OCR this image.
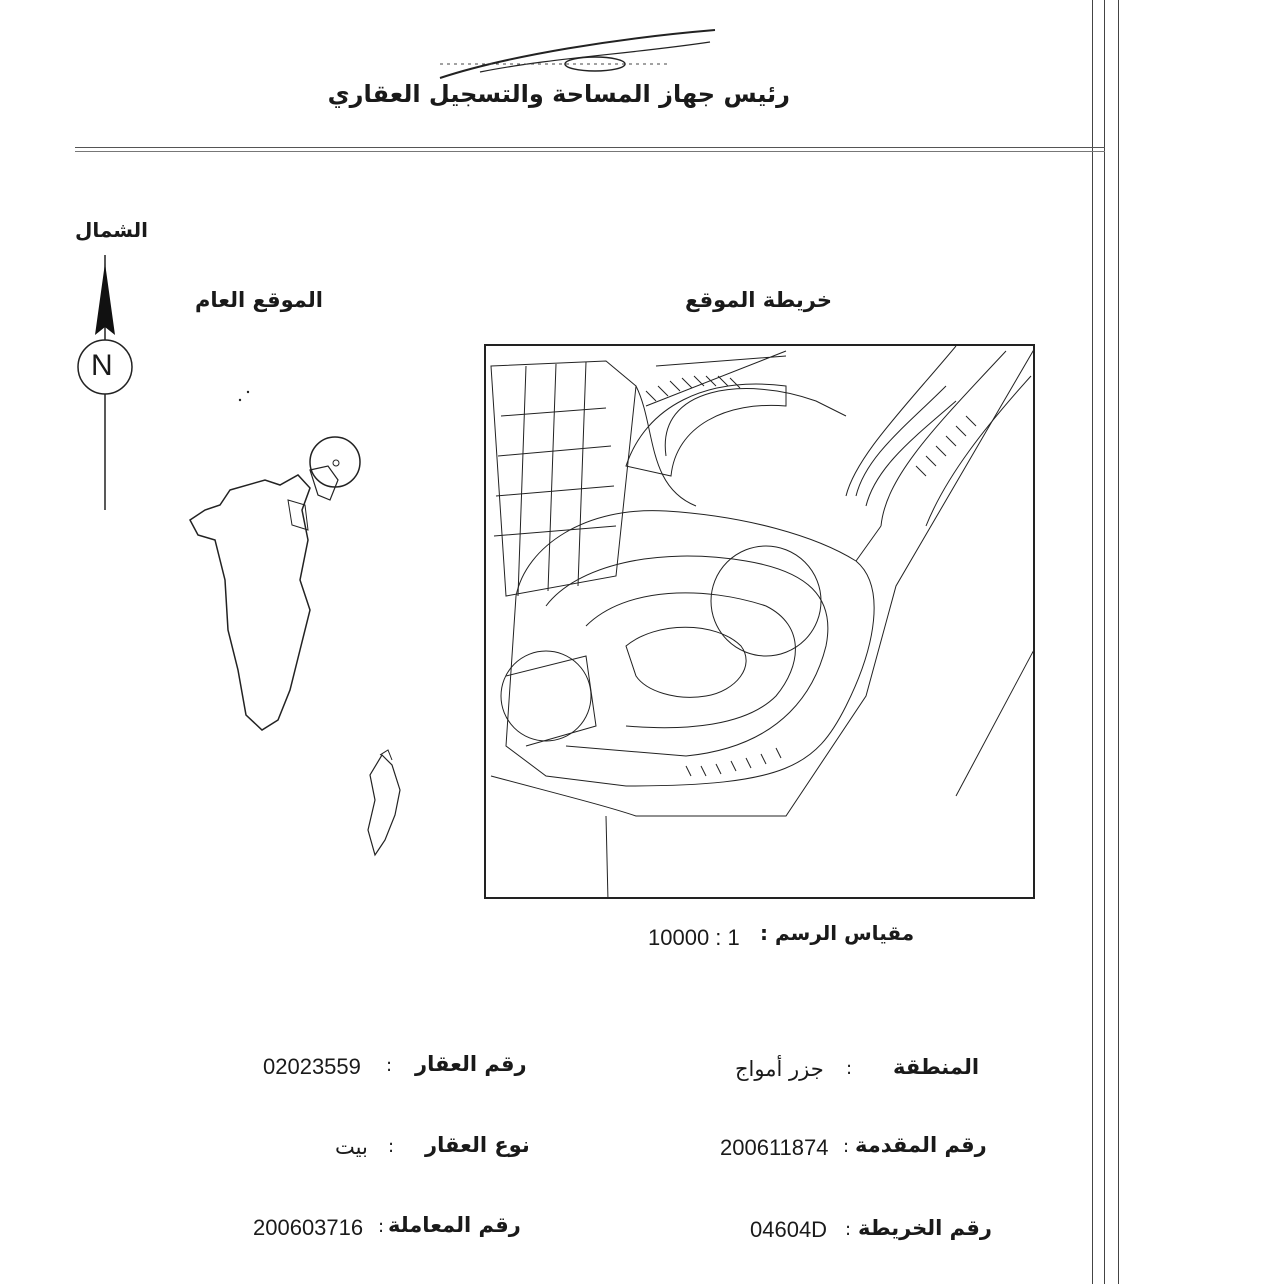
رئيس جهاز المساحة والتسجيل العقاري
الشمال
N
الموقع العام	خريطة الموقع
مقياس الرسم :
10000 : 1
المنطقة
:
جزر أمواج
رقم المقدمة
:
200611874
رقم الخريطة
:
04604D
رقم العقار
:
02023559
نوع العقار
:
بيت
رقم المعاملة
:
200603716
